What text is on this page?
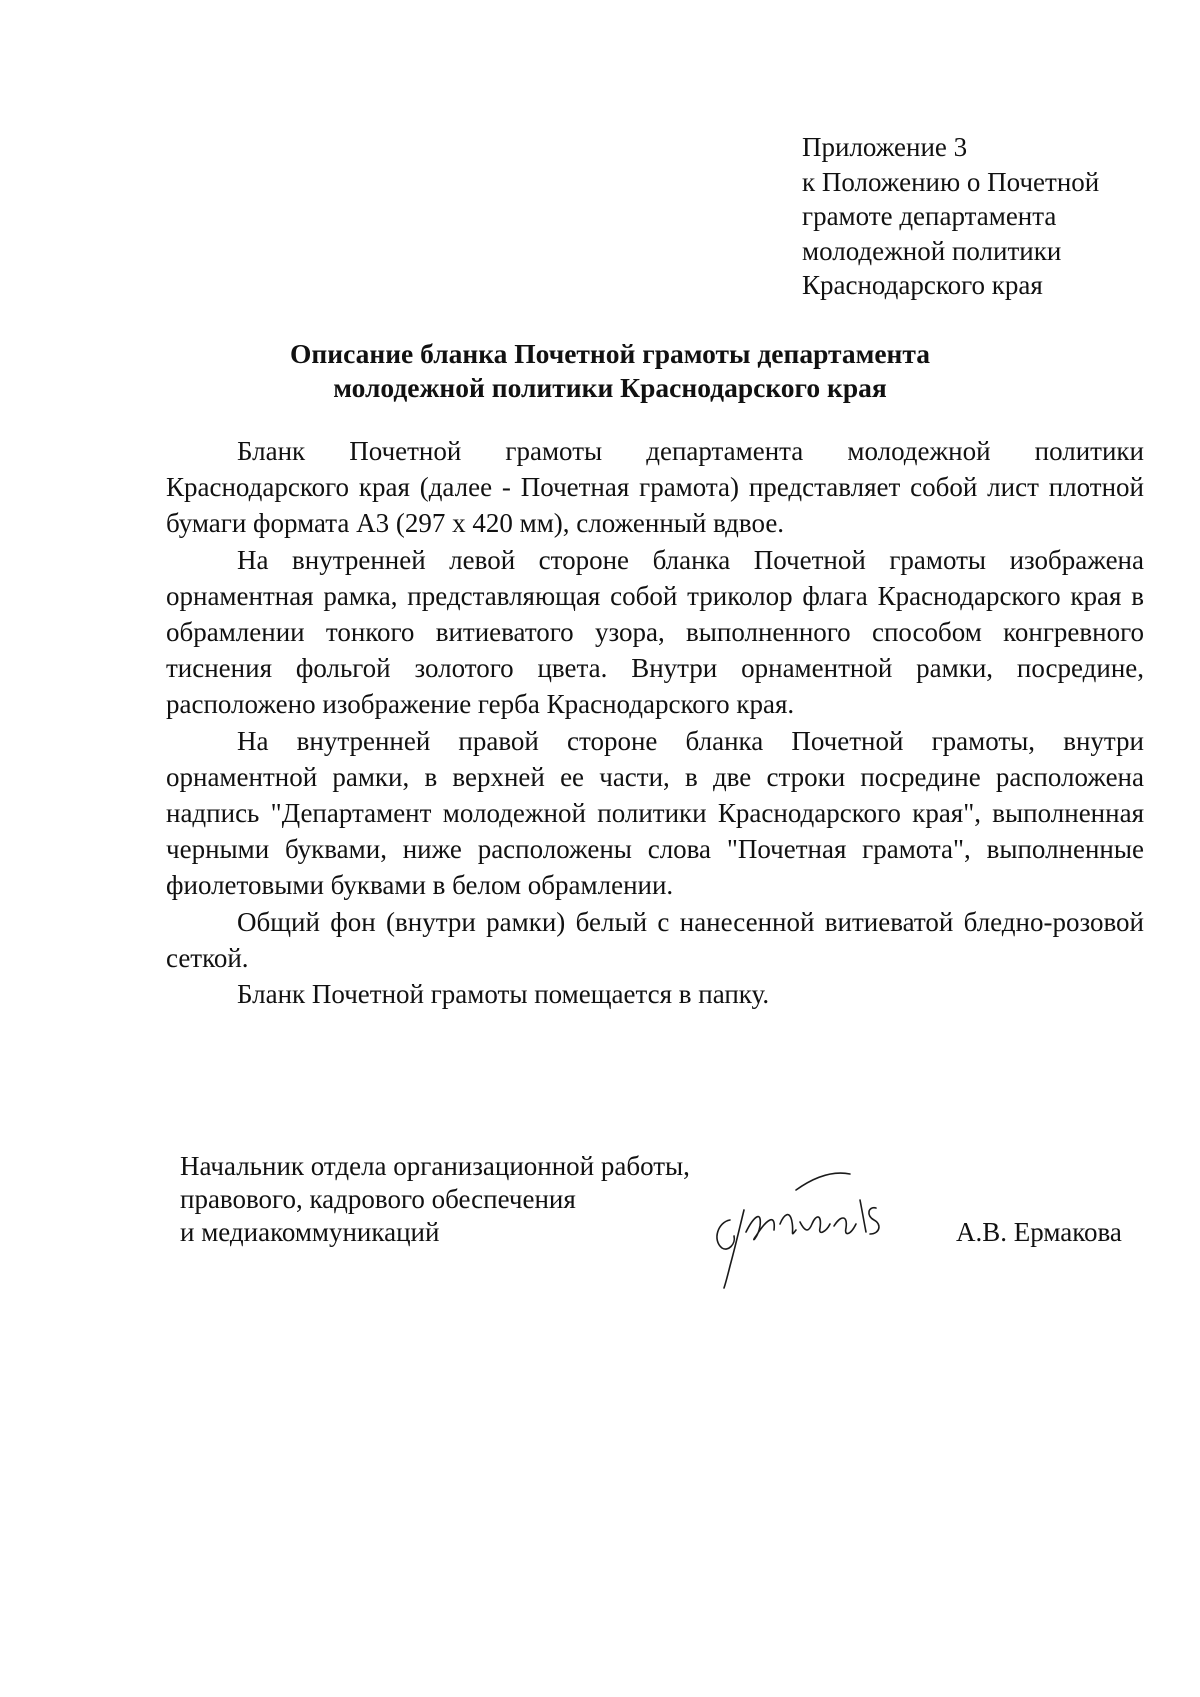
Приложение 3
к Положению о Почетной
грамоте департамента
молодежной политики
Краснодарского края
Описание бланка Почетной грамоты департамента
молодежной политики Краснодарского края

Бланк Почетной грамоты департамента молодежной политики Краснодарского края (далее - Почетная грамота) представляет собой лист плотной бумаги формата А3 (297 х 420 мм), сложенный вдвое.

На внутренней левой стороне бланка Почетной грамоты изображена орнаментная рамка, представляющая собой триколор флага Краснодарского края в обрамлении тонкого витиеватого узора, выполненного способом конгревного тиснения фольгой золотого цвета. Внутри орнаментной рамки, посредине, расположено изображение герба Краснодарского края.

На внутренней правой стороне бланка Почетной грамоты, внутри орнаментной рамки, в верхней ее части, в две строки посредине расположена надпись "Департамент молодежной политики Краснодарского края", выполненная черными буквами, ниже расположены слова "Почетная грамота", выполненные фиолетовыми буквами в белом обрамлении.

Общий фон (внутри рамки) белый с нанесенной витиеватой бледно-розовой сеткой.

Бланк Почетной грамоты помещается в папку.

Начальник отдела организационной работы,
правового, кадрового обеспечения
и медиакоммуникаций	А.В. Ермакова
